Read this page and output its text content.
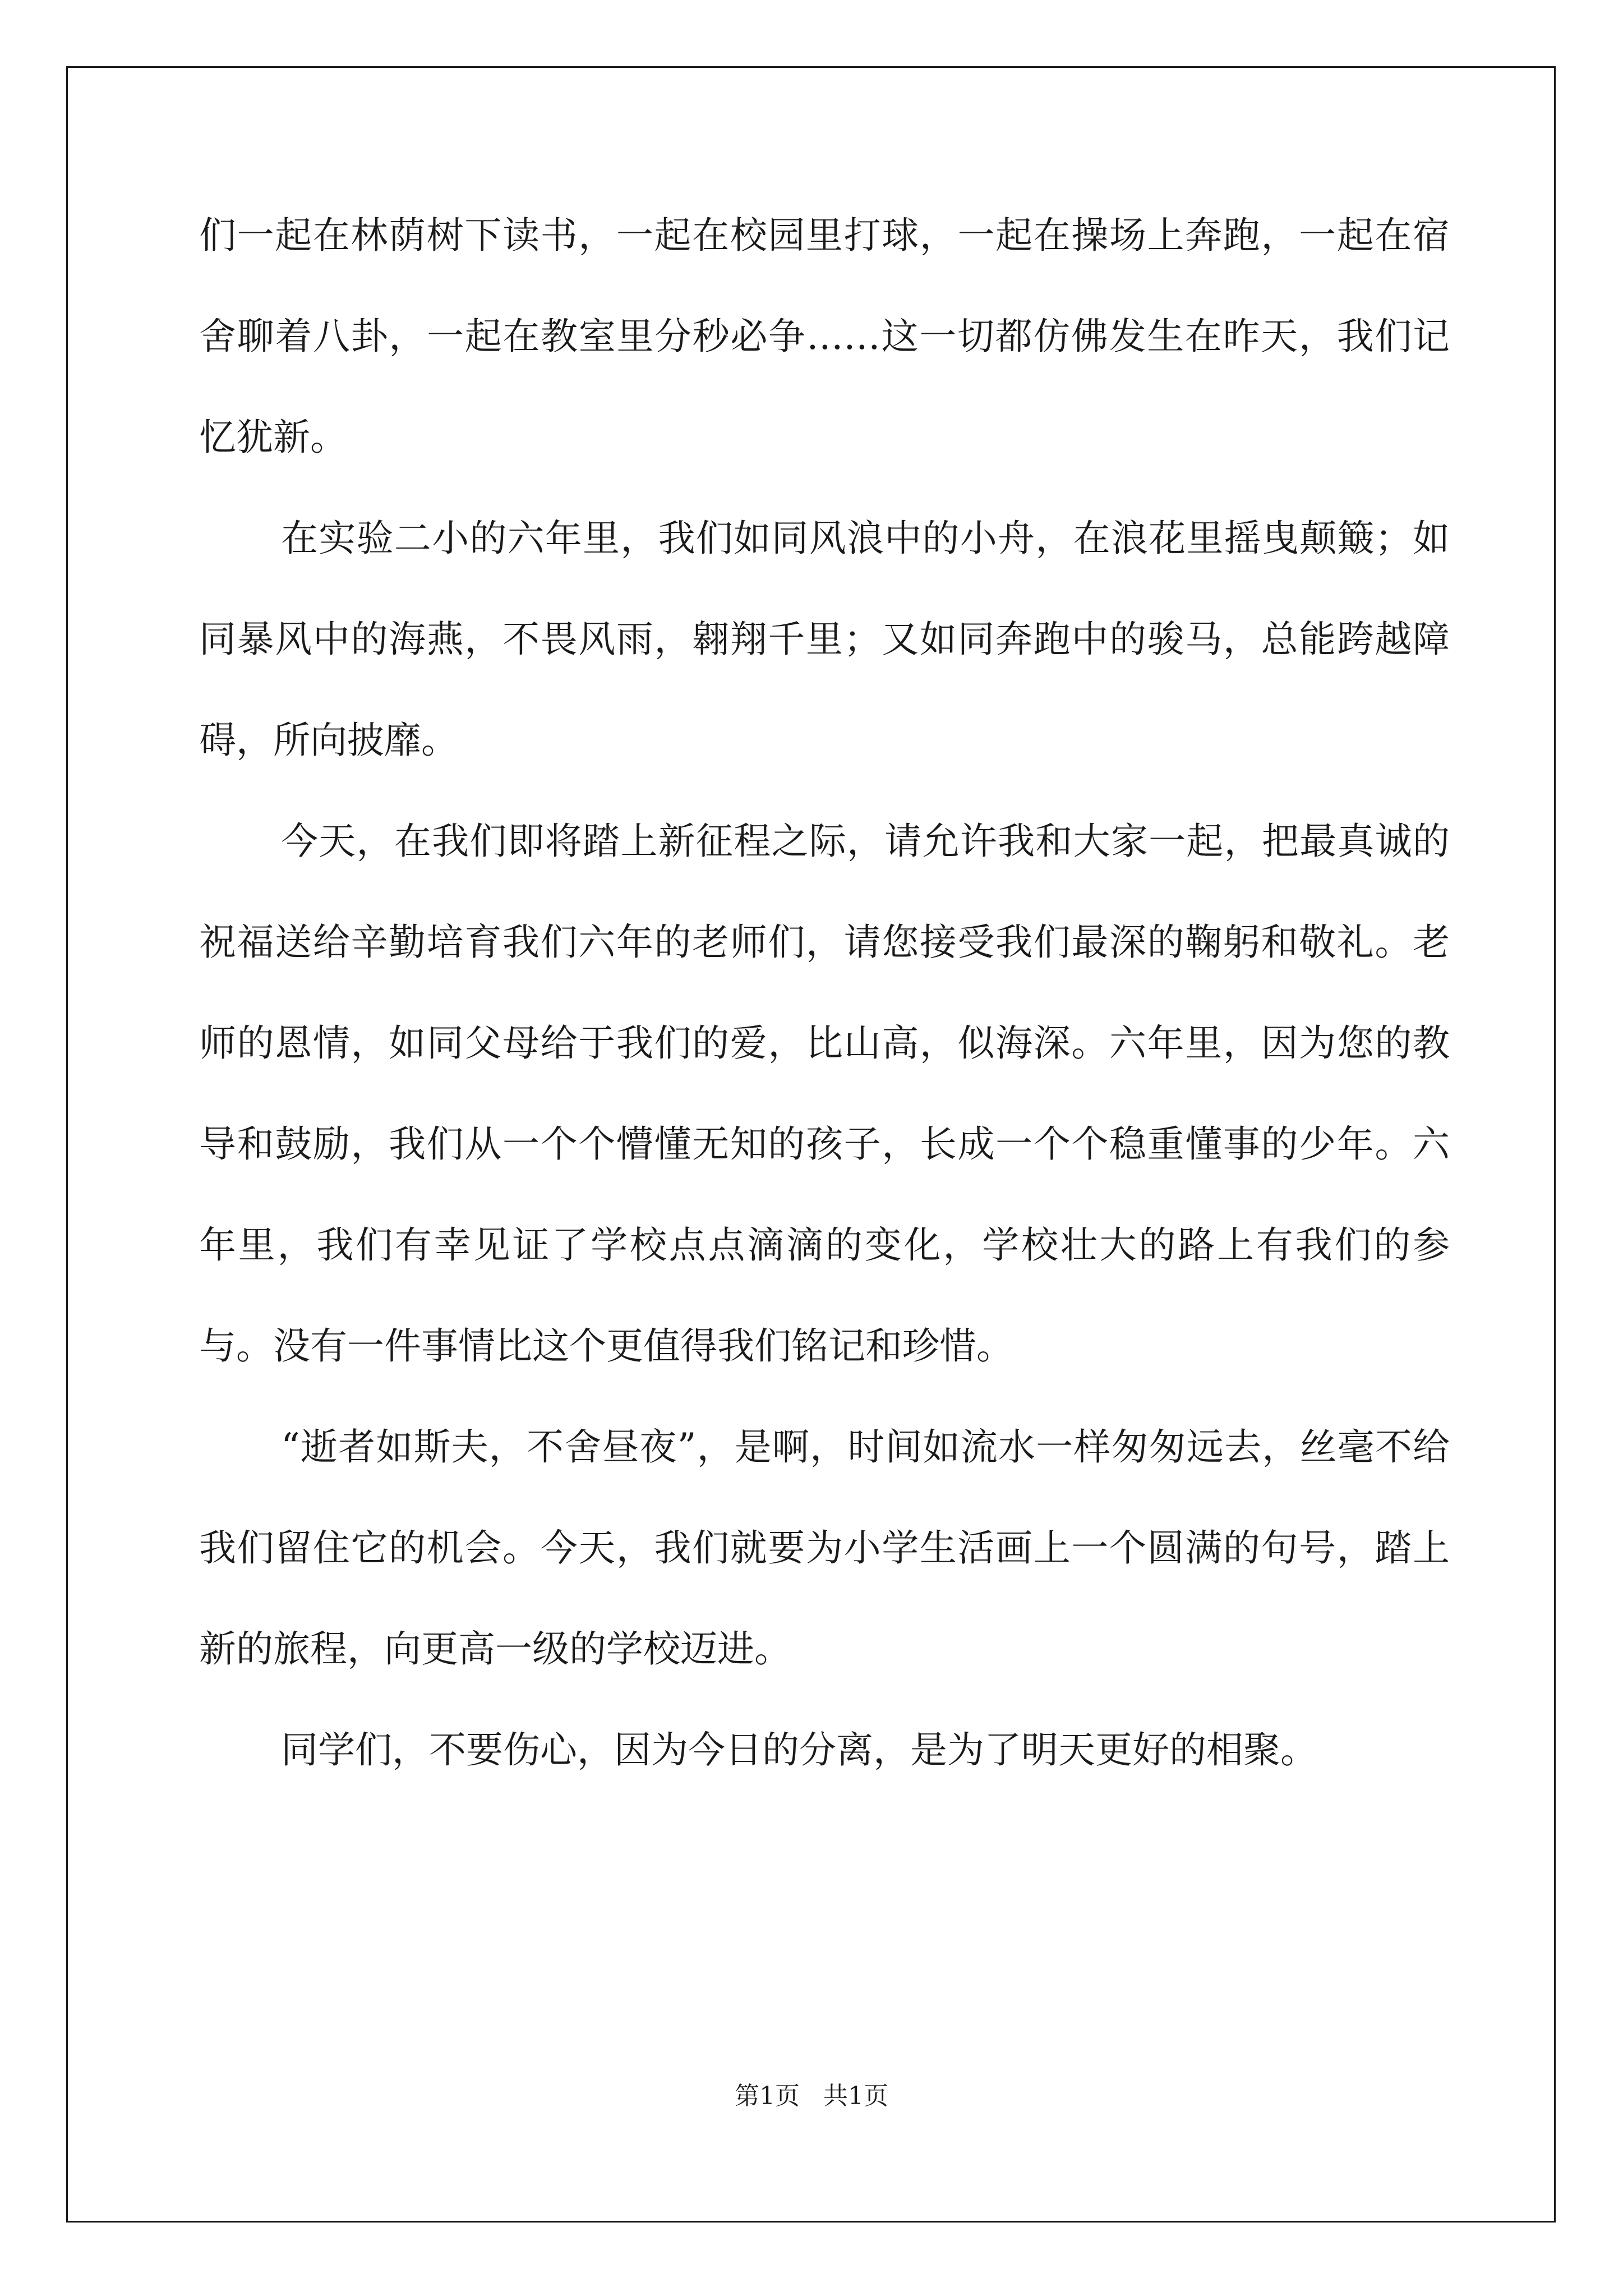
们一起在林荫树下读书，一起在校园里打球，一起在操场上奔跑，一起在宿舍聊着八卦，一起在教室里分秒必争……这一切都仿佛发生在昨天，我们记忆犹新。

在实验二小的六年里，我们如同风浪中的小舟，在浪花里摇曳颠簸；如同暴风中的海燕，不畏风雨，翱翔千里；又如同奔跑中的骏马，总能跨越障碍，所向披靡。

今天，在我们即将踏上新征程之际，请允许我和大家一起，把最真诚的祝福送给辛勤培育我们六年的老师们，请您接受我们最深的鞠躬和敬礼。老师的恩情，如同父母给于我们的爱，比山高，似海深。六年里，因为您的教导和鼓励，我们从一个个懵懂无知的孩子，长成一个个稳重懂事的少年。六年里，我们有幸见证了学校点点滴滴的变化，学校壮大的路上有我们的参与。没有一件事情比这个更值得我们铭记和珍惜。

“逝者如斯夫，不舍昼夜”，是啊，时间如流水一样匆匆远去，丝毫不给我们留住它的机会。今天，我们就要为小学生活画上一个圆满的句号，踏上新的旅程，向更高一级的学校迈进。

同学们，不要伤心，因为今日的分离，是为了明天更好的相聚。

第1页   共1页
